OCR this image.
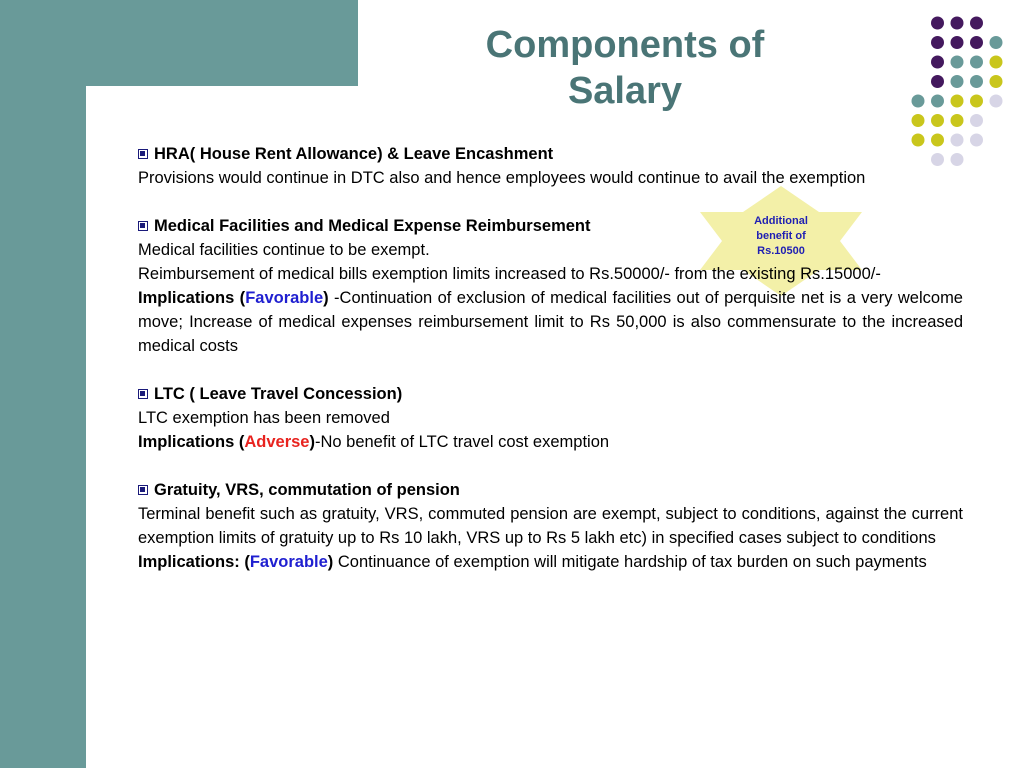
Components of
Salary
Additional
benefit of
Rs.10500

HRA( House Rent Allowance) & Leave Encashment

Provisions would continue in DTC also and hence employees would continue to avail the exemption

Medical Facilities and Medical Expense Reimbursement

Medical facilities continue to be exempt.

Reimbursement of medical bills exemption limits increased to Rs.50000/- from the existing Rs.15000/-

Implications (Favorable) -Continuation of exclusion of medical facilities out of perquisite net is a very welcome move; Increase of medical expenses reimbursement limit to Rs 50,000 is also commensurate to the increased medical costs

LTC ( Leave Travel Concession)

LTC exemption has been removed

Implications (Adverse)-No benefit of LTC travel cost exemption

Gratuity, VRS, commutation of pension

Terminal benefit such as gratuity, VRS, commuted pension are exempt, subject to conditions, against the current exemption limits of gratuity up to Rs 10 lakh, VRS up to Rs 5 lakh etc) in specified cases subject to conditions

Implications: (Favorable) Continuance of exemption will mitigate hardship of tax burden on such payments
